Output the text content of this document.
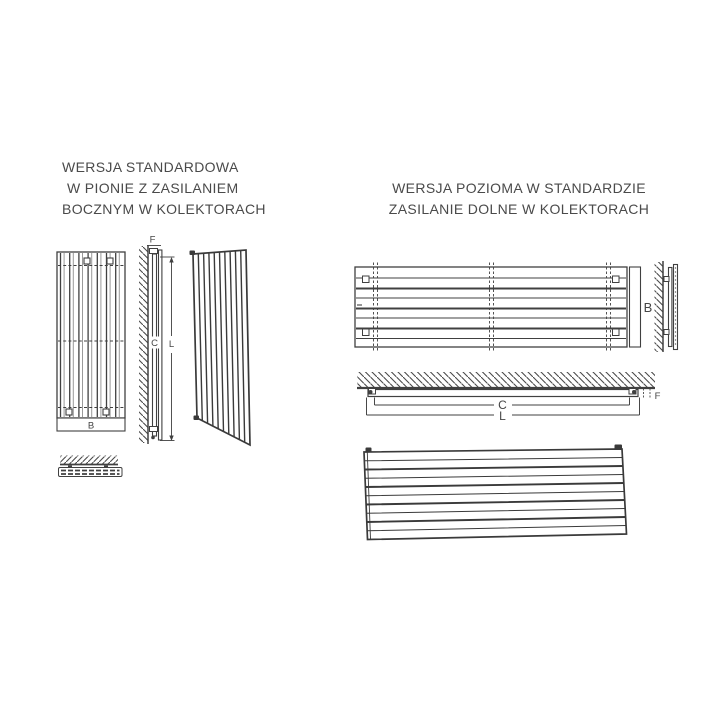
WERSJA STANDARDOWA
W PIONIE Z ZASILANIEM
BOCZNYM W KOLEKTORACH
WERSJA POZIOMA W STANDARDZIE
ZASILANIE DOLNE W KOLEKTORACH
B
F
C L
B
C
L
F
